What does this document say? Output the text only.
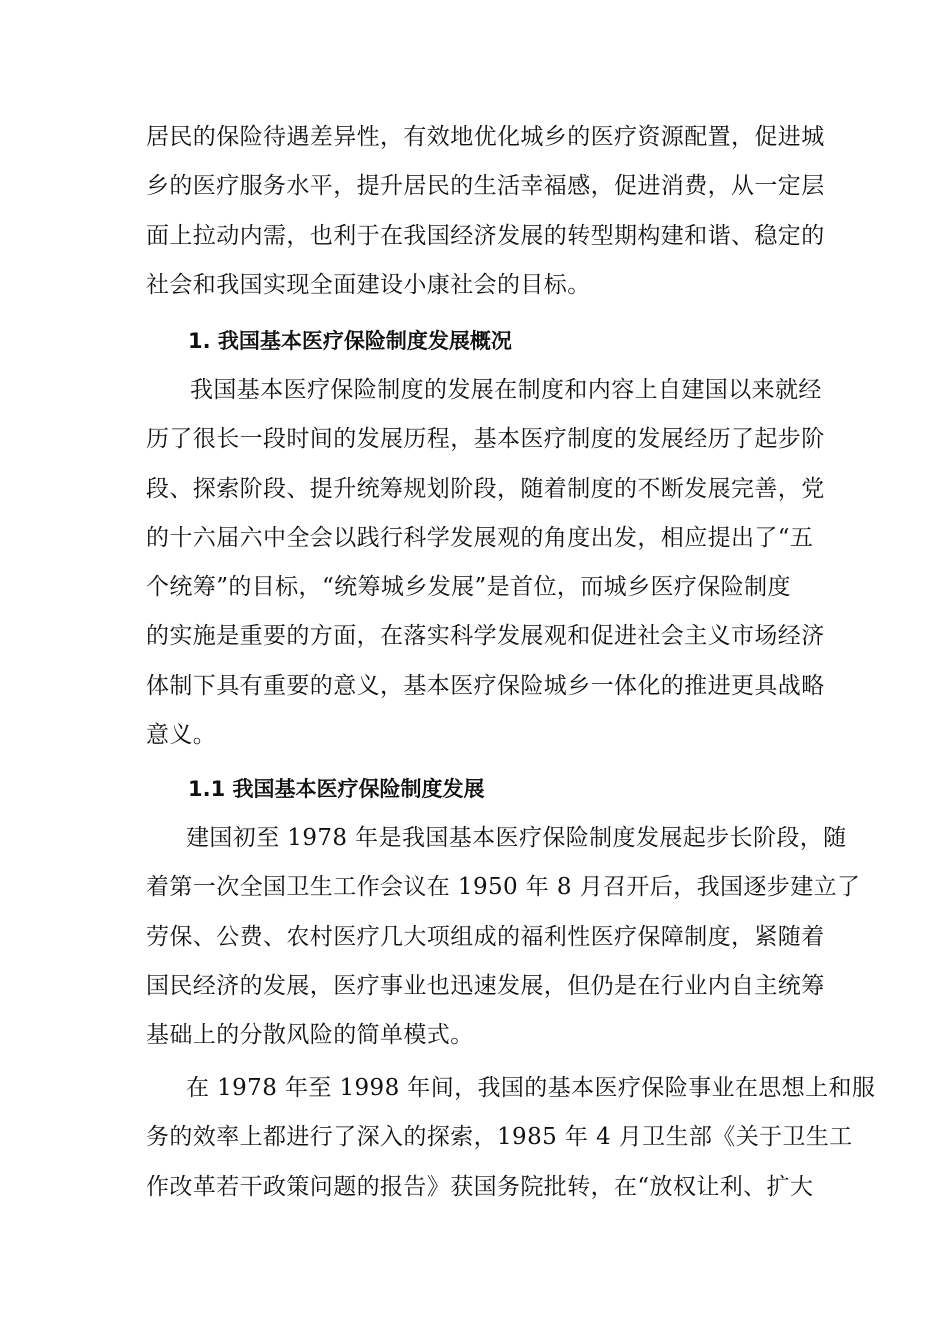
居民的保险待遇差异性，有效地优化城乡的医疗资源配置，促进城
乡的医疗服务水平，提升居民的生活幸福感，促进消费，从一定层
面上拉动内需，也利于在我国经济发展的转型期构建和谐、稳定的
社会和我国实现全面建设小康社会的目标。
1. 我国基本医疗保险制度发展概况
我国基本医疗保险制度的发展在制度和内容上自建国以来就经
历了很长一段时间的发展历程，基本医疗制度的发展经历了起步阶
段、探索阶段、提升统筹规划阶段，随着制度的不断发展完善，党
的十六届六中全会以践行科学发展观的角度出发，相应提出了“五
个统筹”的目标，“统筹城乡发展”是首位，而城乡医疗保险制度
的实施是重要的方面，在落实科学发展观和促进社会主义市场经济
体制下具有重要的意义，基本医疗保险城乡一体化的推进更具战略
意义。
1.1 我国基本医疗保险制度发展
建国初至 1978 年是我国基本医疗保险制度发展起步长阶段，随
着第一次全国卫生工作会议在 1950 年 8 月召开后，我国逐步建立了
劳保、公费、农村医疗几大项组成的福利性医疗保障制度，紧随着
国民经济的发展，医疗事业也迅速发展，但仍是在行业内自主统筹
基础上的分散风险的简单模式。
在 1978 年至 1998 年间，我国的基本医疗保险事业在思想上和服
务的效率上都进行了深入的探索，1985 年 4 月卫生部《关于卫生工
作改革若干政策问题的报告》获国务院批转，在“放权让利、扩大
